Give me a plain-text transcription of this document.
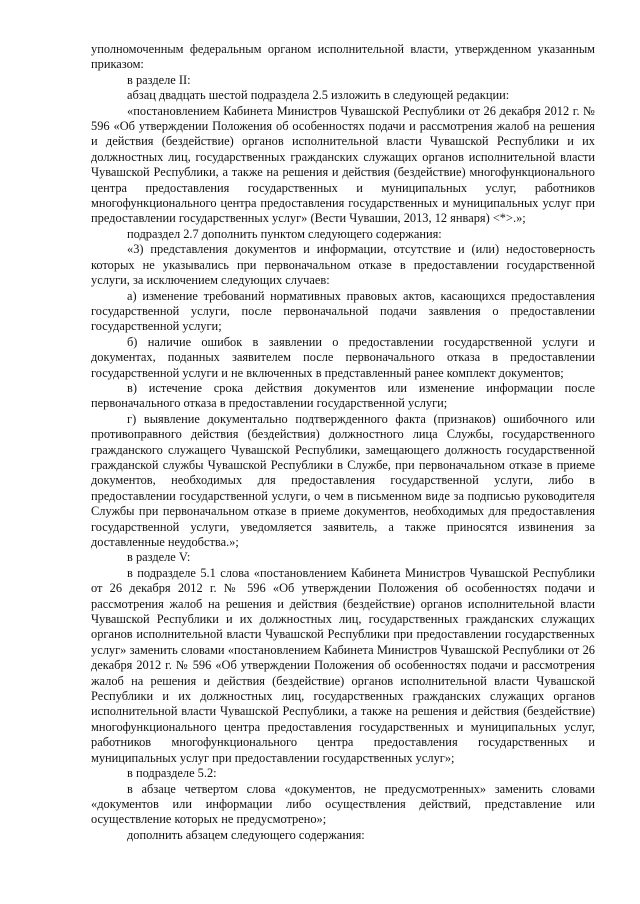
уполномоченным федеральным органом исполнительной власти, утвержденном указанным приказом:

в разделе II:

абзац двадцать шестой подраздела 2.5 изложить в следующей редакции:

«постановлением Кабинета Министров Чувашской Республики от 26 декабря 2012 г. № 596 «Об утверждении Положения об особенностях подачи и рассмотрения жалоб на решения и действия (бездействие) органов исполнительной власти Чувашской Республики и их должностных лиц, государственных гражданских служащих органов исполнительной власти Чувашской Республики, а также на решения и действия (бездействие) многофункционального центра предоставления государственных и муниципальных услуг, работников многофункционального центра предоставления государственных и муниципальных услуг при предоставлении государственных услуг» (Вести Чувашии, 2013, 12 января) <*>.»;

подраздел 2.7 дополнить пунктом следующего содержания:

«3) представления документов и информации, отсутствие и (или) недостоверность которых не указывались при первоначальном отказе в предоставлении государственной услуги, за исключением следующих случаев:

а) изменение требований нормативных правовых актов, касающихся предоставления государственной услуги, после первоначальной подачи заявления о предоставлении государственной услуги;

б) наличие ошибок в заявлении о предоставлении государственной услуги и документах, поданных заявителем после первоначального отказа в предоставлении государственной услуги и не включенных в представленный ранее комплект документов;

в) истечение срока действия документов или изменение информации после первоначального отказа в предоставлении государственной услуги;

г) выявление документально подтвержденного факта (признаков) ошибочного или противоправного действия (бездействия) должностного лица Службы, государственного гражданского служащего Чувашской Республики, замещающего должность государственной гражданской службы Чувашской Республики в Службе, при первоначальном отказе в приеме документов, необходимых для предоставления государственной услуги, либо в предоставлении государственной услуги, о чем в письменном виде за подписью руководителя Службы при первоначальном отказе в приеме документов, необходимых для предоставления государственной услуги, уведомляется заявитель, а также приносятся извинения за доставленные неудобства.»;

в разделе V:

в подразделе 5.1 слова «постановлением Кабинета Министров Чувашской Республики от 26 декабря 2012 г. № 596 «Об утверждении Положения об особенностях подачи и рассмотрения жалоб на решения и действия (бездействие) органов исполнительной власти Чувашской Республики и их должностных лиц, государственных гражданских служащих органов исполнительной власти Чувашской Республики при предоставлении государственных услуг» заменить словами «постановлением Кабинета Министров Чувашской Республики от 26 декабря 2012 г. № 596 «Об утверждении Положения об особенностях подачи и рассмотрения жалоб на решения и действия (бездействие) органов исполнительной власти Чувашской Республики и их должностных лиц, государственных гражданских служащих органов исполнительной власти Чувашской Республики, а также на решения и действия (бездействие) многофункционального центра предоставления государственных и муниципальных услуг, работников многофункционального центра предоставления государственных и муниципальных услуг при предоставлении государственных услуг»;

в подразделе 5.2:

в абзаце четвертом слова «документов, не предусмотренных» заменить словами «документов или информации либо осуществления действий, представление или осуществление которых не предусмотрено»;

дополнить абзацем следующего содержания:
